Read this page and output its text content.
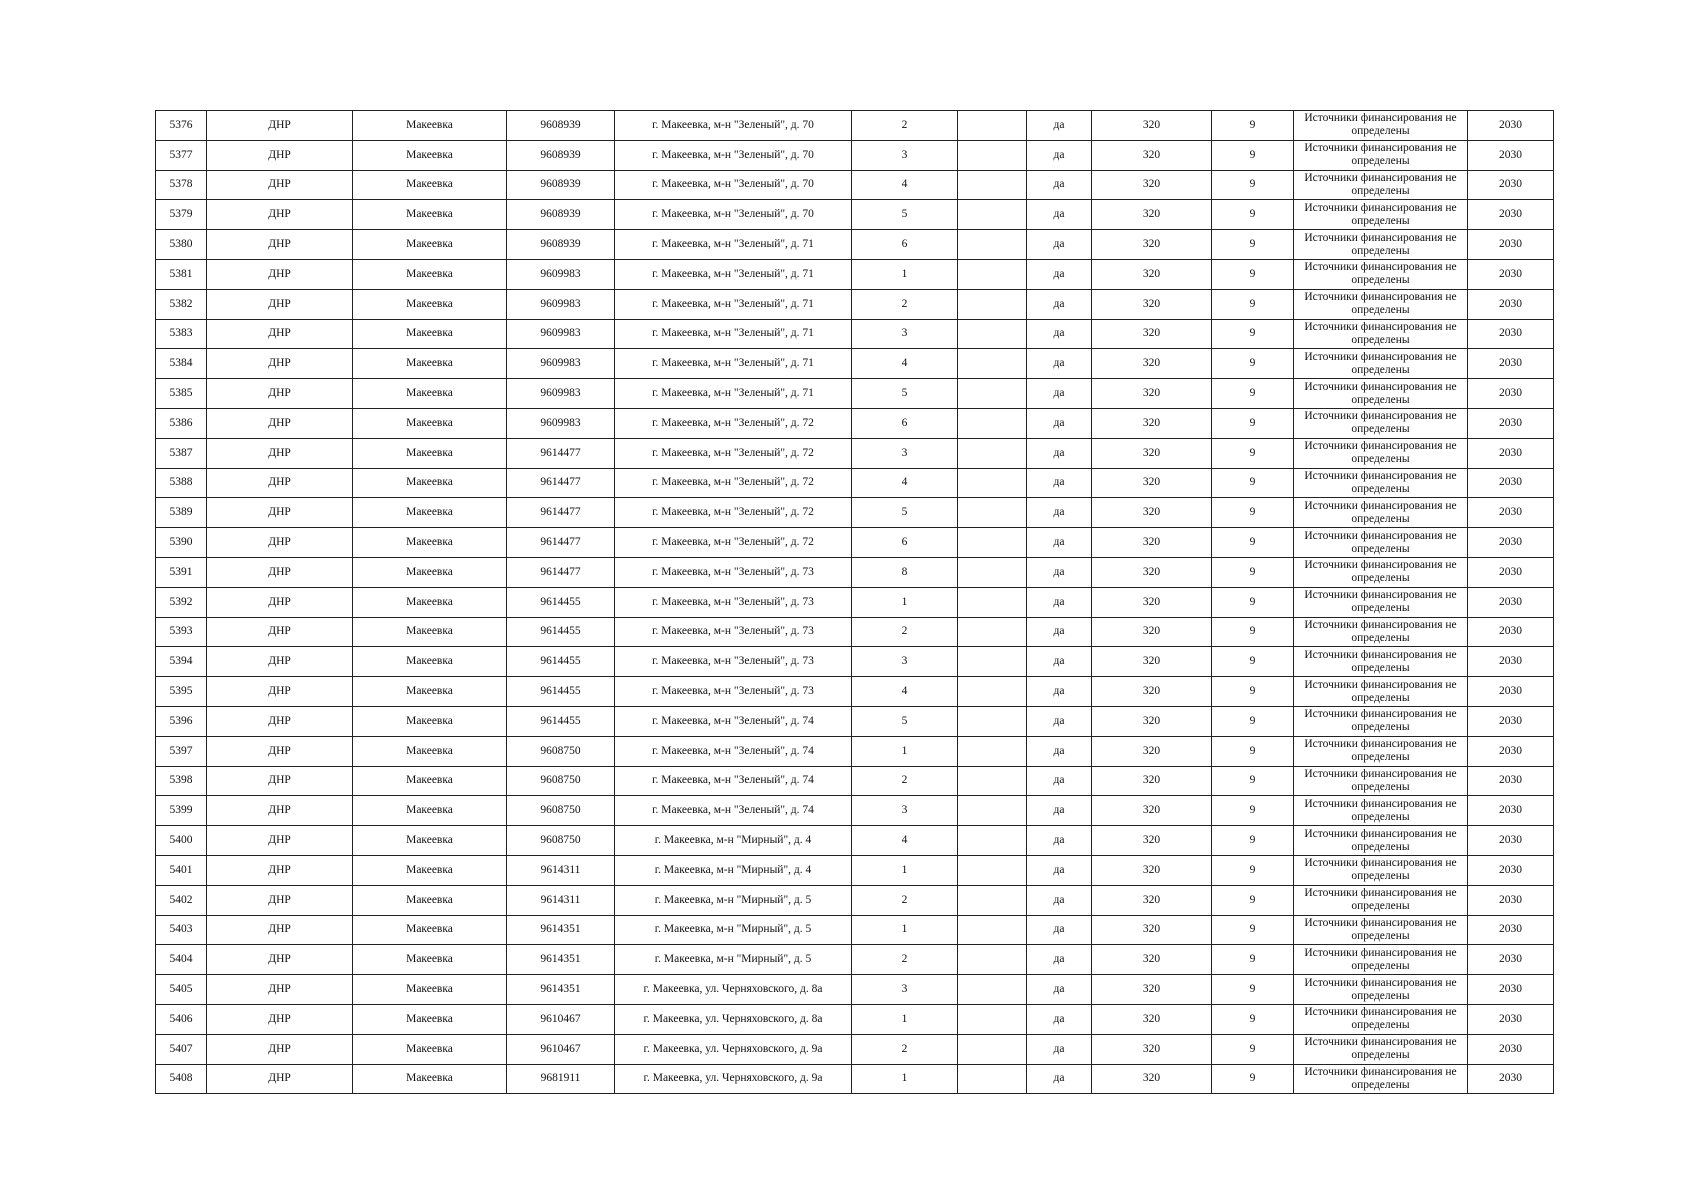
5376	ДНР	Макеевка	9608939	г. Макеевка, м-н "Зеленый", д. 70	2		да	320	9	Источники финансирования не определены	2030
5377	ДНР	Макеевка	9608939	г. Макеевка, м-н "Зеленый", д. 70	3		да	320	9	Источники финансирования не определены	2030
5378	ДНР	Макеевка	9608939	г. Макеевка, м-н "Зеленый", д. 70	4		да	320	9	Источники финансирования не определены	2030
5379	ДНР	Макеевка	9608939	г. Макеевка, м-н "Зеленый", д. 70	5		да	320	9	Источники финансирования не определены	2030
5380	ДНР	Макеевка	9608939	г. Макеевка, м-н "Зеленый", д. 71	6		да	320	9	Источники финансирования не определены	2030
5381	ДНР	Макеевка	9609983	г. Макеевка, м-н "Зеленый", д. 71	1		да	320	9	Источники финансирования не определены	2030
5382	ДНР	Макеевка	9609983	г. Макеевка, м-н "Зеленый", д. 71	2		да	320	9	Источники финансирования не определены	2030
5383	ДНР	Макеевка	9609983	г. Макеевка, м-н "Зеленый", д. 71	3		да	320	9	Источники финансирования не определены	2030
5384	ДНР	Макеевка	9609983	г. Макеевка, м-н "Зеленый", д. 71	4		да	320	9	Источники финансирования не определены	2030
5385	ДНР	Макеевка	9609983	г. Макеевка, м-н "Зеленый", д. 71	5		да	320	9	Источники финансирования не определены	2030
5386	ДНР	Макеевка	9609983	г. Макеевка, м-н "Зеленый", д. 72	6		да	320	9	Источники финансирования не определены	2030
5387	ДНР	Макеевка	9614477	г. Макеевка, м-н "Зеленый", д. 72	3		да	320	9	Источники финансирования не определены	2030
5388	ДНР	Макеевка	9614477	г. Макеевка, м-н "Зеленый", д. 72	4		да	320	9	Источники финансирования не определены	2030
5389	ДНР	Макеевка	9614477	г. Макеевка, м-н "Зеленый", д. 72	5		да	320	9	Источники финансирования не определены	2030
5390	ДНР	Макеевка	9614477	г. Макеевка, м-н "Зеленый", д. 72	6		да	320	9	Источники финансирования не определены	2030
5391	ДНР	Макеевка	9614477	г. Макеевка, м-н "Зеленый", д. 73	8		да	320	9	Источники финансирования не определены	2030
5392	ДНР	Макеевка	9614455	г. Макеевка, м-н "Зеленый", д. 73	1		да	320	9	Источники финансирования не определены	2030
5393	ДНР	Макеевка	9614455	г. Макеевка, м-н "Зеленый", д. 73	2		да	320	9	Источники финансирования не определены	2030
5394	ДНР	Макеевка	9614455	г. Макеевка, м-н "Зеленый", д. 73	3		да	320	9	Источники финансирования не определены	2030
5395	ДНР	Макеевка	9614455	г. Макеевка, м-н "Зеленый", д. 73	4		да	320	9	Источники финансирования не определены	2030
5396	ДНР	Макеевка	9614455	г. Макеевка, м-н "Зеленый", д. 74	5		да	320	9	Источники финансирования не определены	2030
5397	ДНР	Макеевка	9608750	г. Макеевка, м-н "Зеленый", д. 74	1		да	320	9	Источники финансирования не определены	2030
5398	ДНР	Макеевка	9608750	г. Макеевка, м-н "Зеленый", д. 74	2		да	320	9	Источники финансирования не определены	2030
5399	ДНР	Макеевка	9608750	г. Макеевка, м-н "Зеленый", д. 74	3		да	320	9	Источники финансирования не определены	2030
5400	ДНР	Макеевка	9608750	г. Макеевка, м-н "Мирный", д. 4	4		да	320	9	Источники финансирования не определены	2030
5401	ДНР	Макеевка	9614311	г. Макеевка, м-н "Мирный", д. 4	1		да	320	9	Источники финансирования не определены	2030
5402	ДНР	Макеевка	9614311	г. Макеевка, м-н "Мирный", д. 5	2		да	320	9	Источники финансирования не определены	2030
5403	ДНР	Макеевка	9614351	г. Макеевка, м-н "Мирный", д. 5	1		да	320	9	Источники финансирования не определены	2030
5404	ДНР	Макеевка	9614351	г. Макеевка, м-н "Мирный", д. 5	2		да	320	9	Источники финансирования не определены	2030
5405	ДНР	Макеевка	9614351	г. Макеевка, ул. Черняховского, д. 8а	3		да	320	9	Источники финансирования не определены	2030
5406	ДНР	Макеевка	9610467	г. Макеевка, ул. Черняховского, д. 8а	1		да	320	9	Источники финансирования не определены	2030
5407	ДНР	Макеевка	9610467	г. Макеевка, ул. Черняховского, д. 9а	2		да	320	9	Источники финансирования не определены	2030
5408	ДНР	Макеевка	9681911	г. Макеевка, ул. Черняховского, д. 9а	1		да	320	9	Источники финансирования не определены	2030
